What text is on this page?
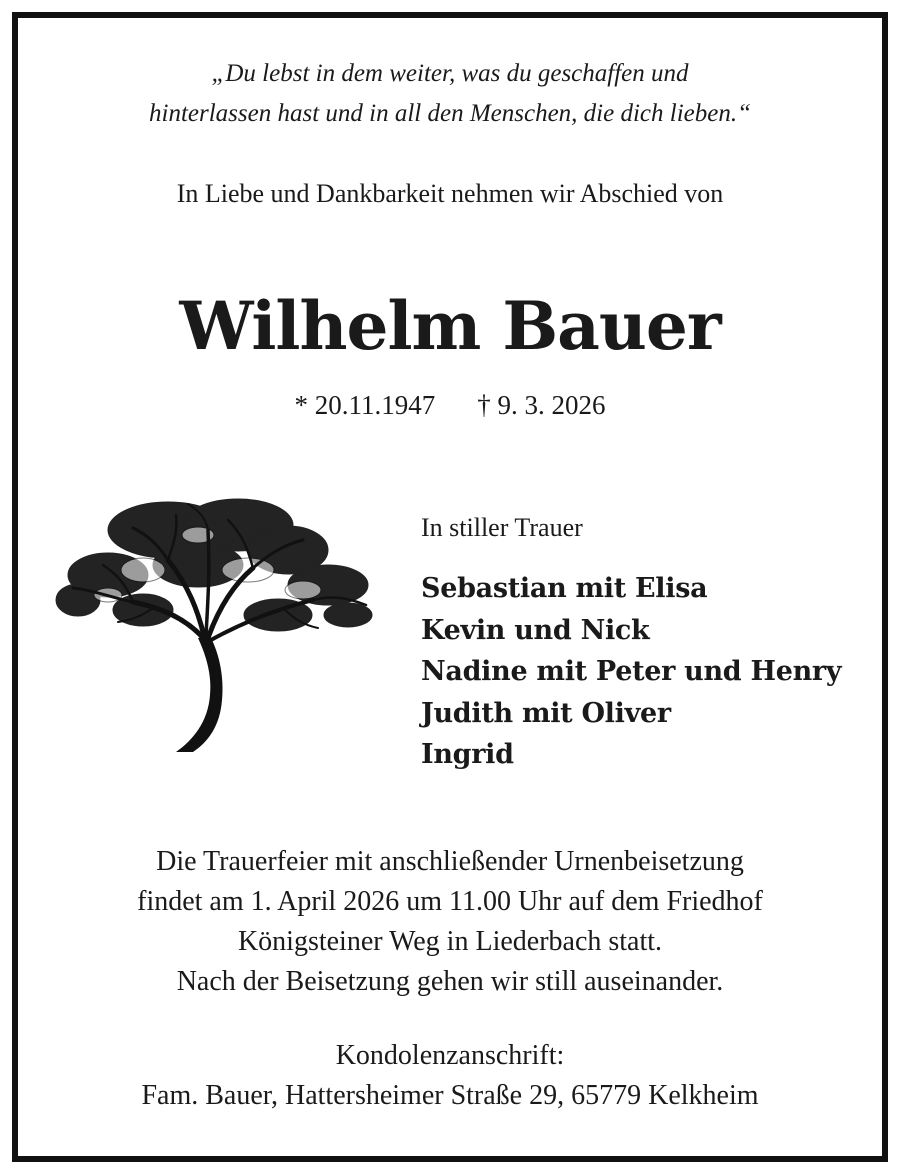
„Du lebst in dem weiter, was du geschaffen und
hinterlassen hast und in all den Menschen, die dich lieben.“
In Liebe und Dankbarkeit nehmen wir Abschied von
Wilhelm Bauer
* 20.11.1947 † 9. 3. 2026
In stiller Trauer
Sebastian mit Elisa
Kevin und Nick
Nadine mit Peter und Henry
Judith mit Oliver
Ingrid
Die Trauerfeier mit anschließender Urnenbeisetzung
findet am 1. April 2026 um 11.00 Uhr auf dem Friedhof
Königsteiner Weg in Liederbach statt.
Nach der Beisetzung gehen wir still auseinander.
Kondolenzanschrift:
Fam. Bauer, Hattersheimer Straße 29, 65779 Kelkheim
